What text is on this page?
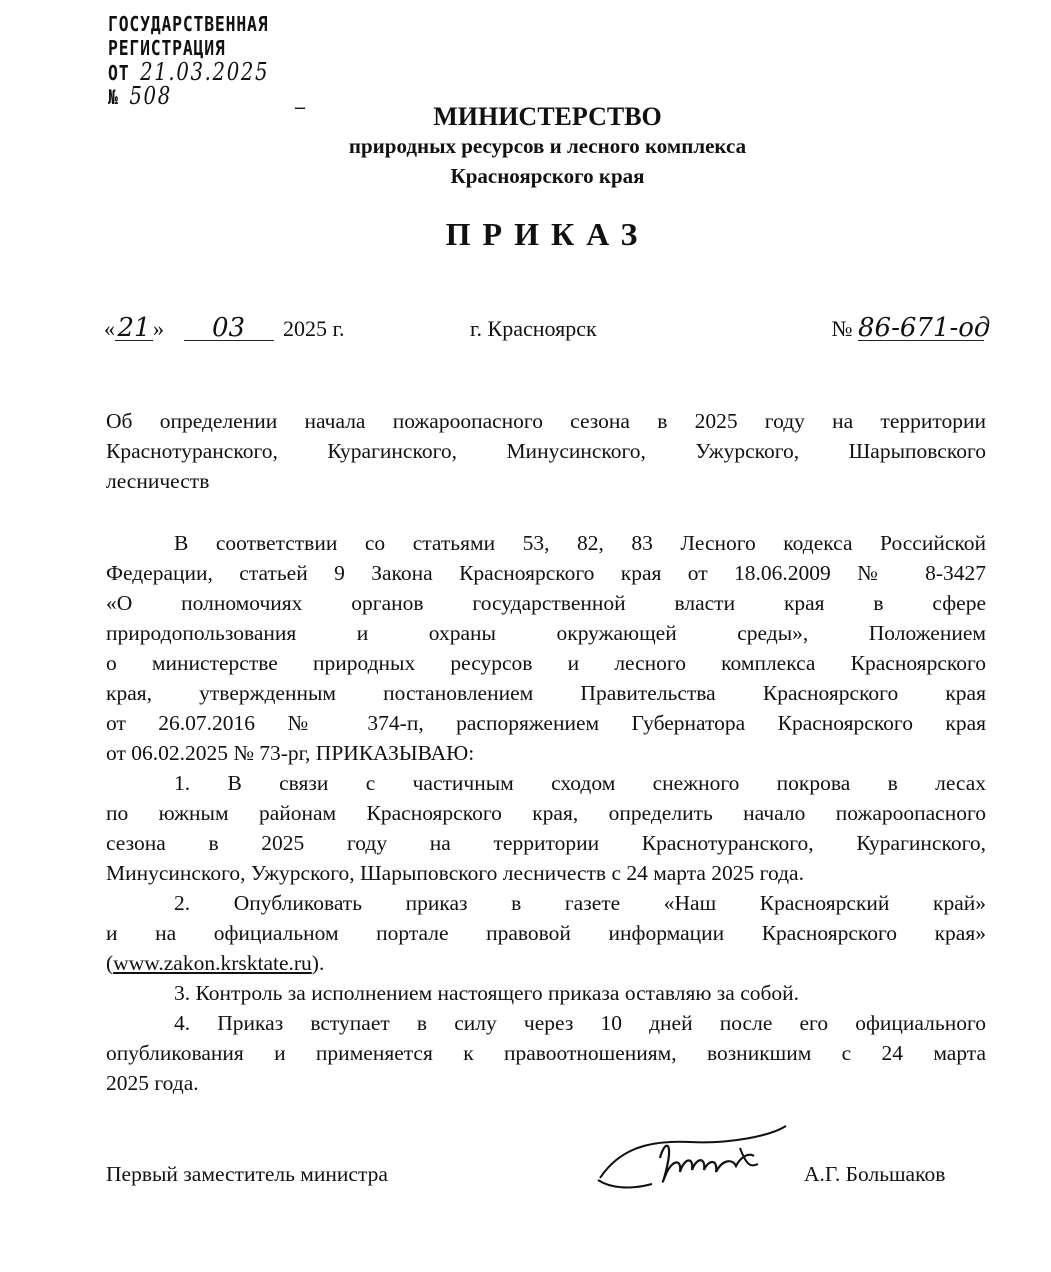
ГОСУДАРСТВЕННАЯ
РЕГИСТРАЦИЯ
ОТ 21.03.2025
№ 508	–	МИНИСТЕРСТВО
природных ресурсов и лесного комплекса
Красноярского края
ПРИКАЗ
«21 » 03 2025 г.	г. Красноярск	№ 86-671-од
Об определении начала пожароопасного сезона в 2025 году на территории
Краснотуранского, Курагинского, Минусинского, Ужурского, Шарыповского
лесничеств
В соответствии со статьями 53, 82, 83 Лесного кодекса Российской
Федерации, статьей 9 Закона Красноярского края от 18.06.2009 № 8-3427
«О полномочиях органов государственной власти края в сфере
природопользования и охраны окружающей среды», Положением
о министерстве природных ресурсов и лесного комплекса Красноярского
края, утвержденным постановлением Правительства Красноярского края
от 26.07.2016 № 374-п, распоряжением Губернатора Красноярского края
от 06.02.2025 № 73-рг, ПРИКАЗЫВАЮ:
1. В связи с частичным сходом снежного покрова в лесах
по южным районам Красноярского края, определить начало пожароопасного
сезона в 2025 году на территории Краснотуранского, Курагинского,
Минусинского, Ужурского, Шарыповского лесничеств с 24 марта 2025 года.
2. Опубликовать приказ в газете «Наш Красноярский край»
и на официальном портале правовой информации Красноярского края»
(www.zakon.krsktate.ru).
3. Контроль за исполнением настоящего приказа оставляю за собой.
4. Приказ вступает в силу через 10 дней после его официального
опубликования и применяется к правоотношениям, возникшим с 24 марта
2025 года.
Первый заместитель министра	А.Г. Большаков
